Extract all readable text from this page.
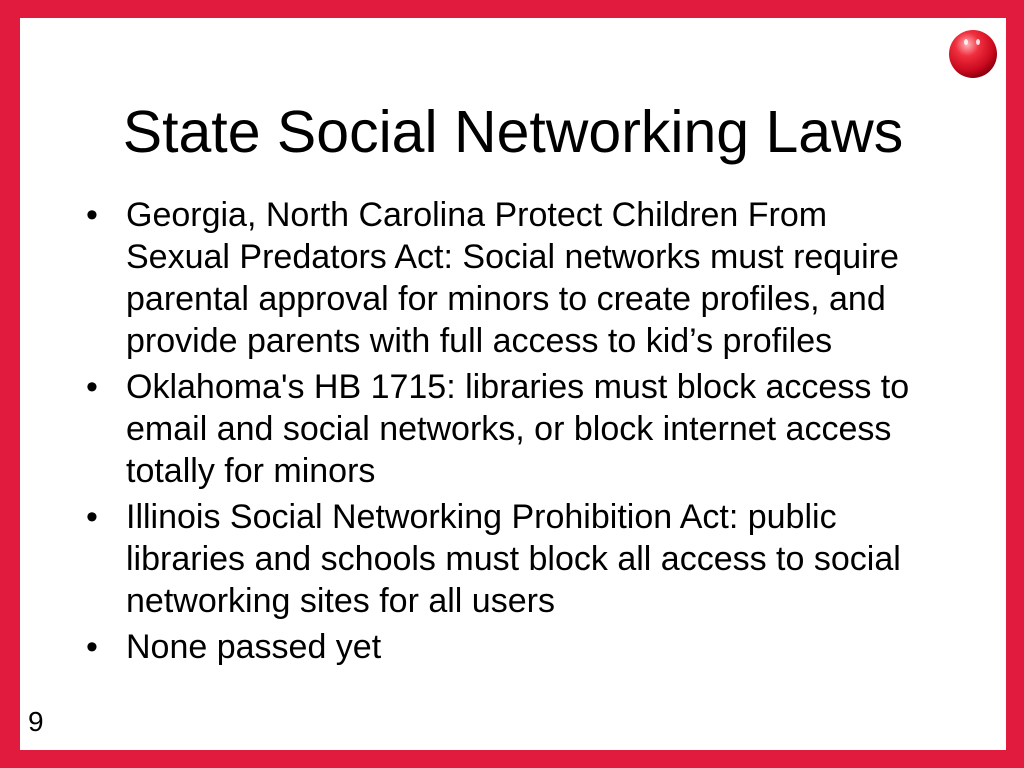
State Social Networking Laws
• Georgia, North Carolina Protect Children From Sexual Predators Act: Social networks must require parental approval for minors to create profiles, and provide parents with full access to kid’s profiles
• Oklahoma's HB 1715: libraries must block access to email and social networks, or block internet access totally for minors
• Illinois Social Networking Prohibition Act: public libraries and schools must block all access to social networking sites for all users
• None passed yet
9
